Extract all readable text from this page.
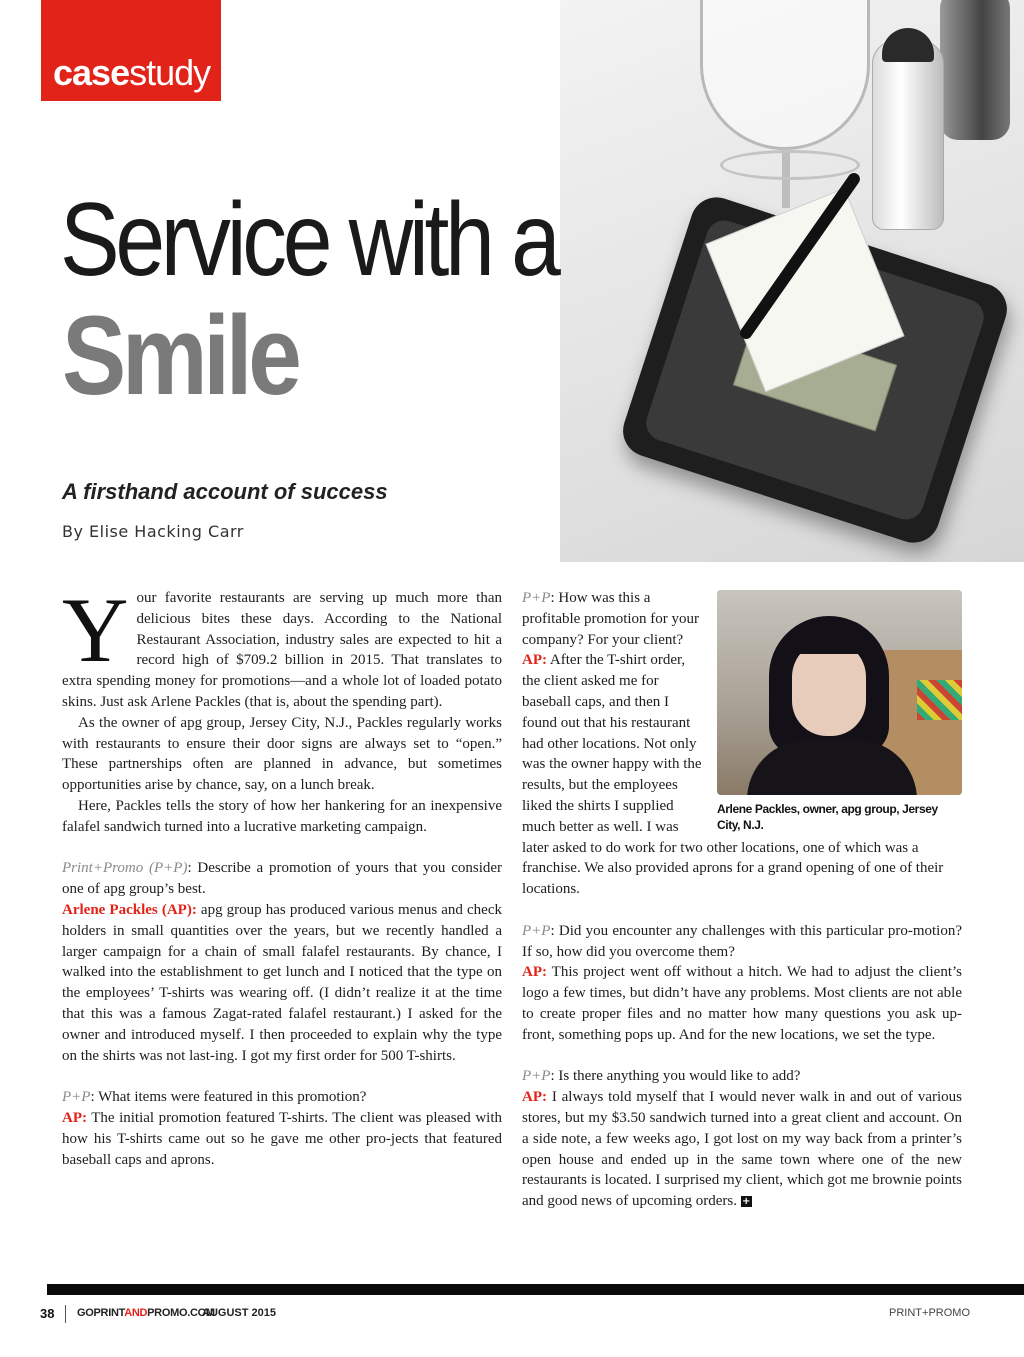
case study
Service with a
Smile
A firsthand account of success
By Elise Hacking Carr

Your favorite restaurants are serving up much more than delicious bites these days. According to the National Restaurant Association, industry sales are expected to hit a record high of $709.2 billion in 2015. That translates to extra spending money for promotions—and a whole lot of loaded potato skins. Just ask Arlene Packles (that is, about the spending part).

As the owner of apg group, Jersey City, N.J., Packles regularly works with restaurants to ensure their door signs are always set to “open.” These partnerships often are planned in advance, but sometimes opportunities arise by chance, say, on a lunch break.

Here, Packles tells the story of how her hankering for an inexpensive falafel sandwich turned into a lucrative marketing campaign.

Print+Promo (P+P): Describe a promotion of yours that you consider one of apg group’s best.
Arlene Packles (AP): apg group has produced various menus and check holders in small quantities over the years, but we recently handled a larger campaign for a chain of small falafel restaurants. By chance, I walked into the establishment to get lunch and I noticed that the type on the employees’ T-shirts was wearing off. (I didn’t realize it at the time that this was a famous Zagat-rated falafel restaurant.) I asked for the owner and introduced myself. I then proceeded to explain why the type on the shirts was not last-ing. I got my first order for 500 T-shirts.

P+P: What items were featured in this promotion?
AP: The initial promotion featured T-shirts. The client was pleased with how his T-shirts came out so he gave me other pro-jects that featured baseball caps and aprons.

Arlene Packles, owner, apg group, Jersey City, N.J.

P+P: How was this a profitable promotion for your company? For your client?
AP: After the T-shirt order, the client asked me for baseball caps, and then I found out that his restaurant had other locations. Not only was the owner happy with the results, but the employees liked the shirts I supplied much better as well. I was later asked to do work for two other locations, one of which was a franchise. We also provided aprons for a grand opening of one of their locations.

P+P: Did you encounter any challenges with this particular pro-motion? If so, how did you overcome them?
AP: This project went off without a hitch. We had to adjust the client’s logo a few times, but didn’t have any problems. Most clients are not able to create proper files and no matter how many questions you ask up-front, something pops up. And for the new locations, we set the type.

P+P: Is there anything you would like to add?
AP: I always told myself that I would never walk in and out of various stores, but my $3.50 sandwich turned into a great client and account. On a side note, a few weeks ago, I got lost on my way back from a printer’s open house and ended up in the same town where one of the new restaurants is located. I surprised my client, which got me brownie points and good news of upcoming orders. +

38 GOPRINTANDPROMO.COM
AUGUST 2015	PRINT+PROMO
